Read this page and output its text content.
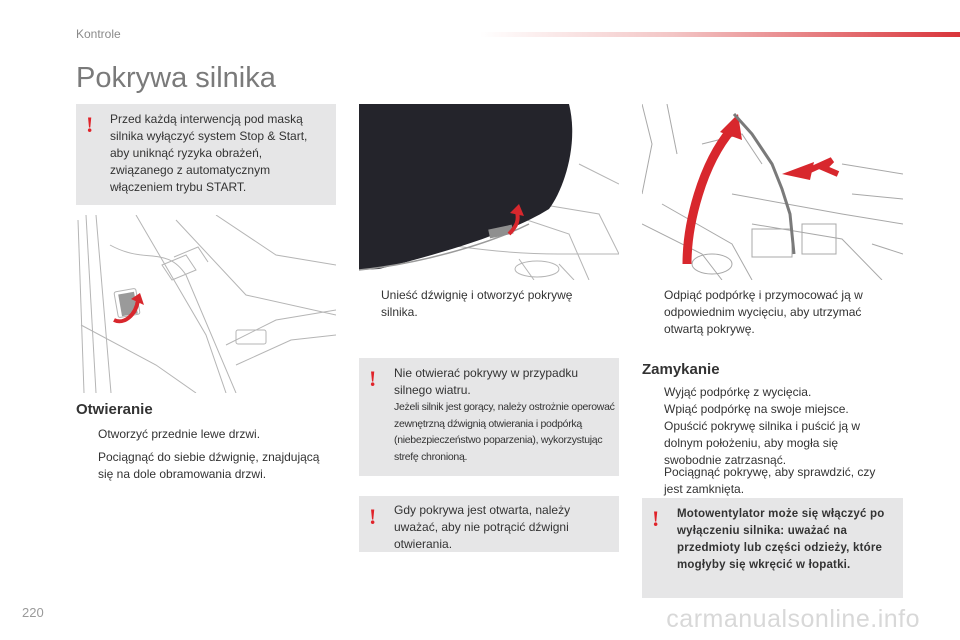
Kontrole
Pokrywa silnika
! Przed każdą interwencją pod maską silnika wyłączyć system Stop & Start, aby uniknąć ryzyka obrażeń, związanego z automatycznym włączeniem trybu START.
Otwieranie
Otworzyć przednie lewe drzwi.
Pociągnąć do siebie dźwignię, znajdującą się na dole obramowania drzwi.
Unieść dźwignię i otworzyć pokrywę silnika.
! Nie otwierać pokrywy w przypadku silnego wiatru.
Jeżeli silnik jest gorący, należy ostrożnie operować zewnętrzną dźwignią otwierania i podpórką (niebezpieczeństwo poparzenia), wykorzystując strefę chronioną.
! Gdy pokrywa jest otwarta, należy uważać, aby nie potrącić dźwigni otwierania.
Odpiąć podpórkę i przymocować ją w odpowiednim wycięciu, aby utrzymać otwartą pokrywę.
Zamykanie
Wyjąć podpórkę z wycięcia.
Wpiąć podpórkę na swoje miejsce.
Opuścić pokrywę silnika i puścić ją w dolnym położeniu, aby mogła się swobodnie zatrzasnąć.
Pociągnąć pokrywę, aby sprawdzić, czy jest zamknięta.
! Motowentylator może się włączyć po wyłączeniu silnika: uważać na przedmioty lub części odzieży, które mogłyby się wkręcić w łopatki.
220	carmanualsonline.info
